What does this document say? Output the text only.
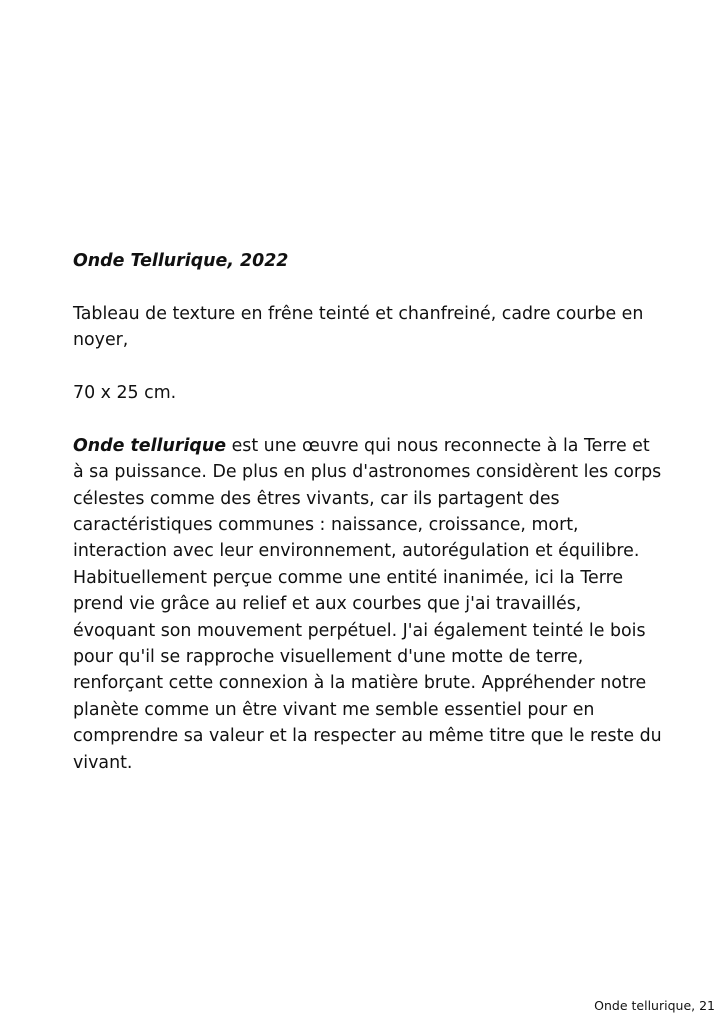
Onde Tellurique, 2022

Tableau de texture en frêne teinté et chanfreiné, cadre courbe en noyer,

70 x 25 cm.

Onde tellurique est une œuvre qui nous reconnecte à la Terre et à sa puissance. De plus en plus d'astronomes considèrent les corps célestes comme des êtres vivants, car ils partagent des caractéristiques communes : naissance, croissance, mort, interaction avec leur environnement, autorégulation et équilibre. Habituellement perçue comme une entité inanimée, ici la Terre prend vie grâce au relief et aux courbes que j'ai travaillés, évoquant son mouvement perpétuel. J'ai également teinté le bois pour qu'il se rapproche visuellement d'une motte de terre, renforçant cette connexion à la matière brute. Appréhender notre planète comme un être vivant me semble essentiel pour en comprendre sa valeur et la respecter au même titre que le reste du vivant.

Onde tellurique, 21
